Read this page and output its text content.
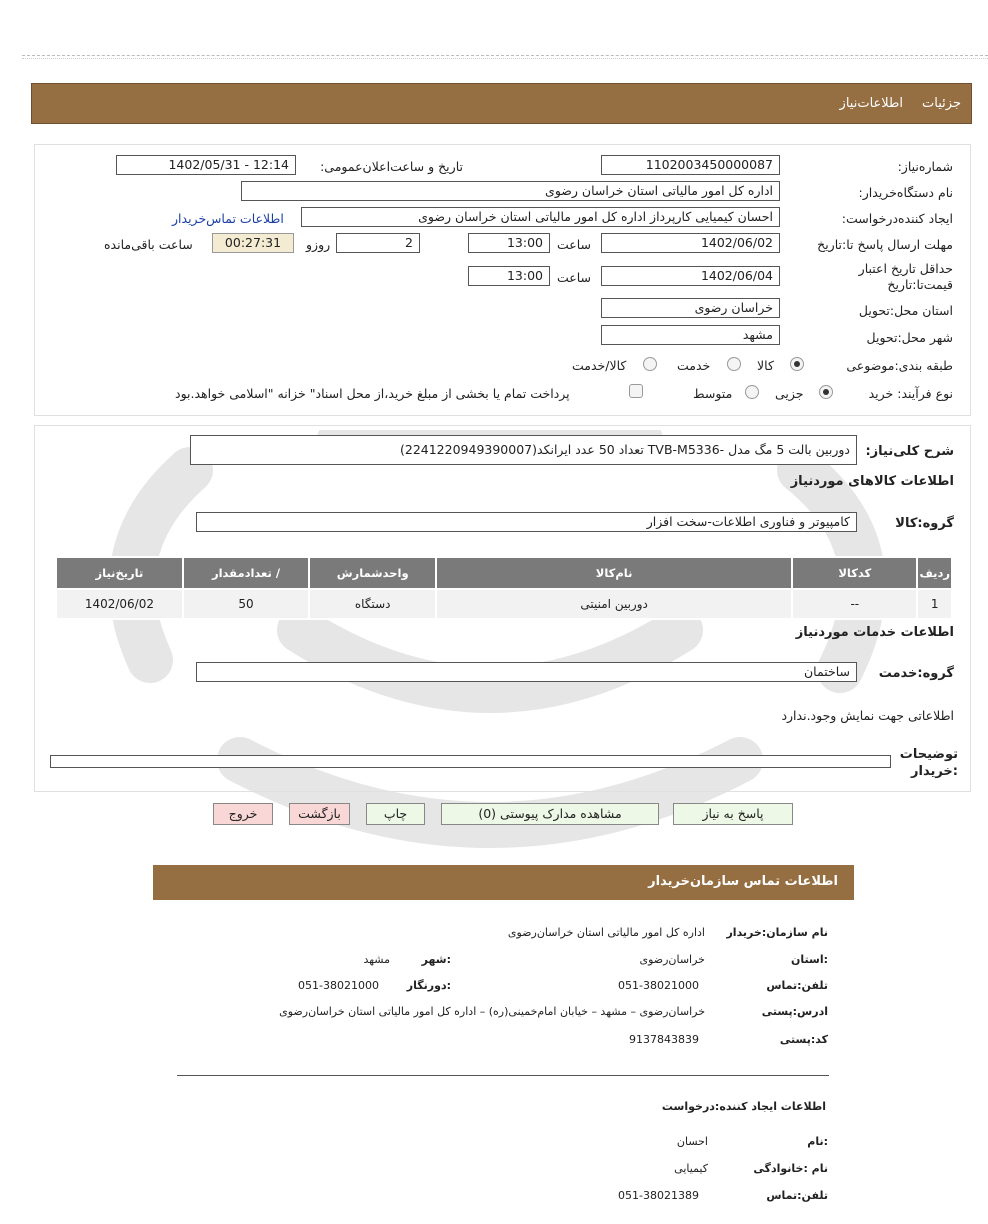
جزئیات
اطلاعات‌نیاز
شماره‌نیاز:
1102003450000087
تاریخ و ساعت‌اعلان‌عمومی:
1402/05/31 - 12:14
نام دستگاه‌خریدار:
اداره کل امور مالیاتی استان خراسان رضوی
ایجاد کننده‌درخواست:
احسان کیمیایی کارپرداز اداره کل امور مالیاتی استان خراسان رضوی
اطلاعات تماس‌خریدار
مهلت ارسال پاسخ تا‌:تاریخ
1402/06/02
ساعت
13:00
2
روزو
00:27:31
ساعت باقی‌مانده
حداقل تاریخ اعتبار قیمت‌تا:تاریخ
1402/06/04
ساعت
13:00
استان محل‌:تحویل
خراسان رضوی
شهر محل‌:تحویل
مشهد
طبقه بندی‌:موضوعی
کالا
خدمت
کالا/خدمت
نوع فرآیند‌: خرید
جزیی
متوسط
پرداخت تمام یا بخشی از مبلغ خرید،از محل اسناد" خزانه "اسلامی خواهد.بود
شرح کلی‌نیاز:
دوربین بالت 5 مگ مدل -TVB-M5336 تعداد 50 عدد ایرانکد(2241220949390007)
اطلاعات کالاهای موردنیاز
گروه‌:کالا
کامپیوتر و فناوری اطلاعات-سخت افزار
ردیف	کدکالا	نام‌کالا	واحدشمارش	/ تعدادمقدار	تاریخ‌نیاز
1	--	دوربین امنیتی	دستگاه	50	1402/06/02
اطلاعات خدمات موردنیاز
گروه‌:خدمت
ساختمان
اطلاعاتی جهت نمایش وجود.ندارد
توضیحات :خریدار
پاسخ به نیاز
مشاهده مدارک پیوستی (0)
چاپ
بازگشت
خروج
اطلاعات تماس سازمان‌خریدار
نام سازمان‌:خریدار
اداره کل امور مالیاتی استان خراسان‌رضوی
:استان
خراسان‌رضوی
:شهر
مشهد
تلفن‌:تماس
051-38021000
:دورنگار
051-38021000
ادرس‌:پستی
خراسان‌رضوی – مشهد – خیابان امام‌خمینی(ره) – اداره کل امور مالیاتی استان خراسان‌رضوی
کد‌:پستی
9137843839
اطلاعات ایجاد کننده‌:درخواست
:نام
احسان
نام :خانوادگی
کیمیایی
تلفن‌:تماس
051-38021389
